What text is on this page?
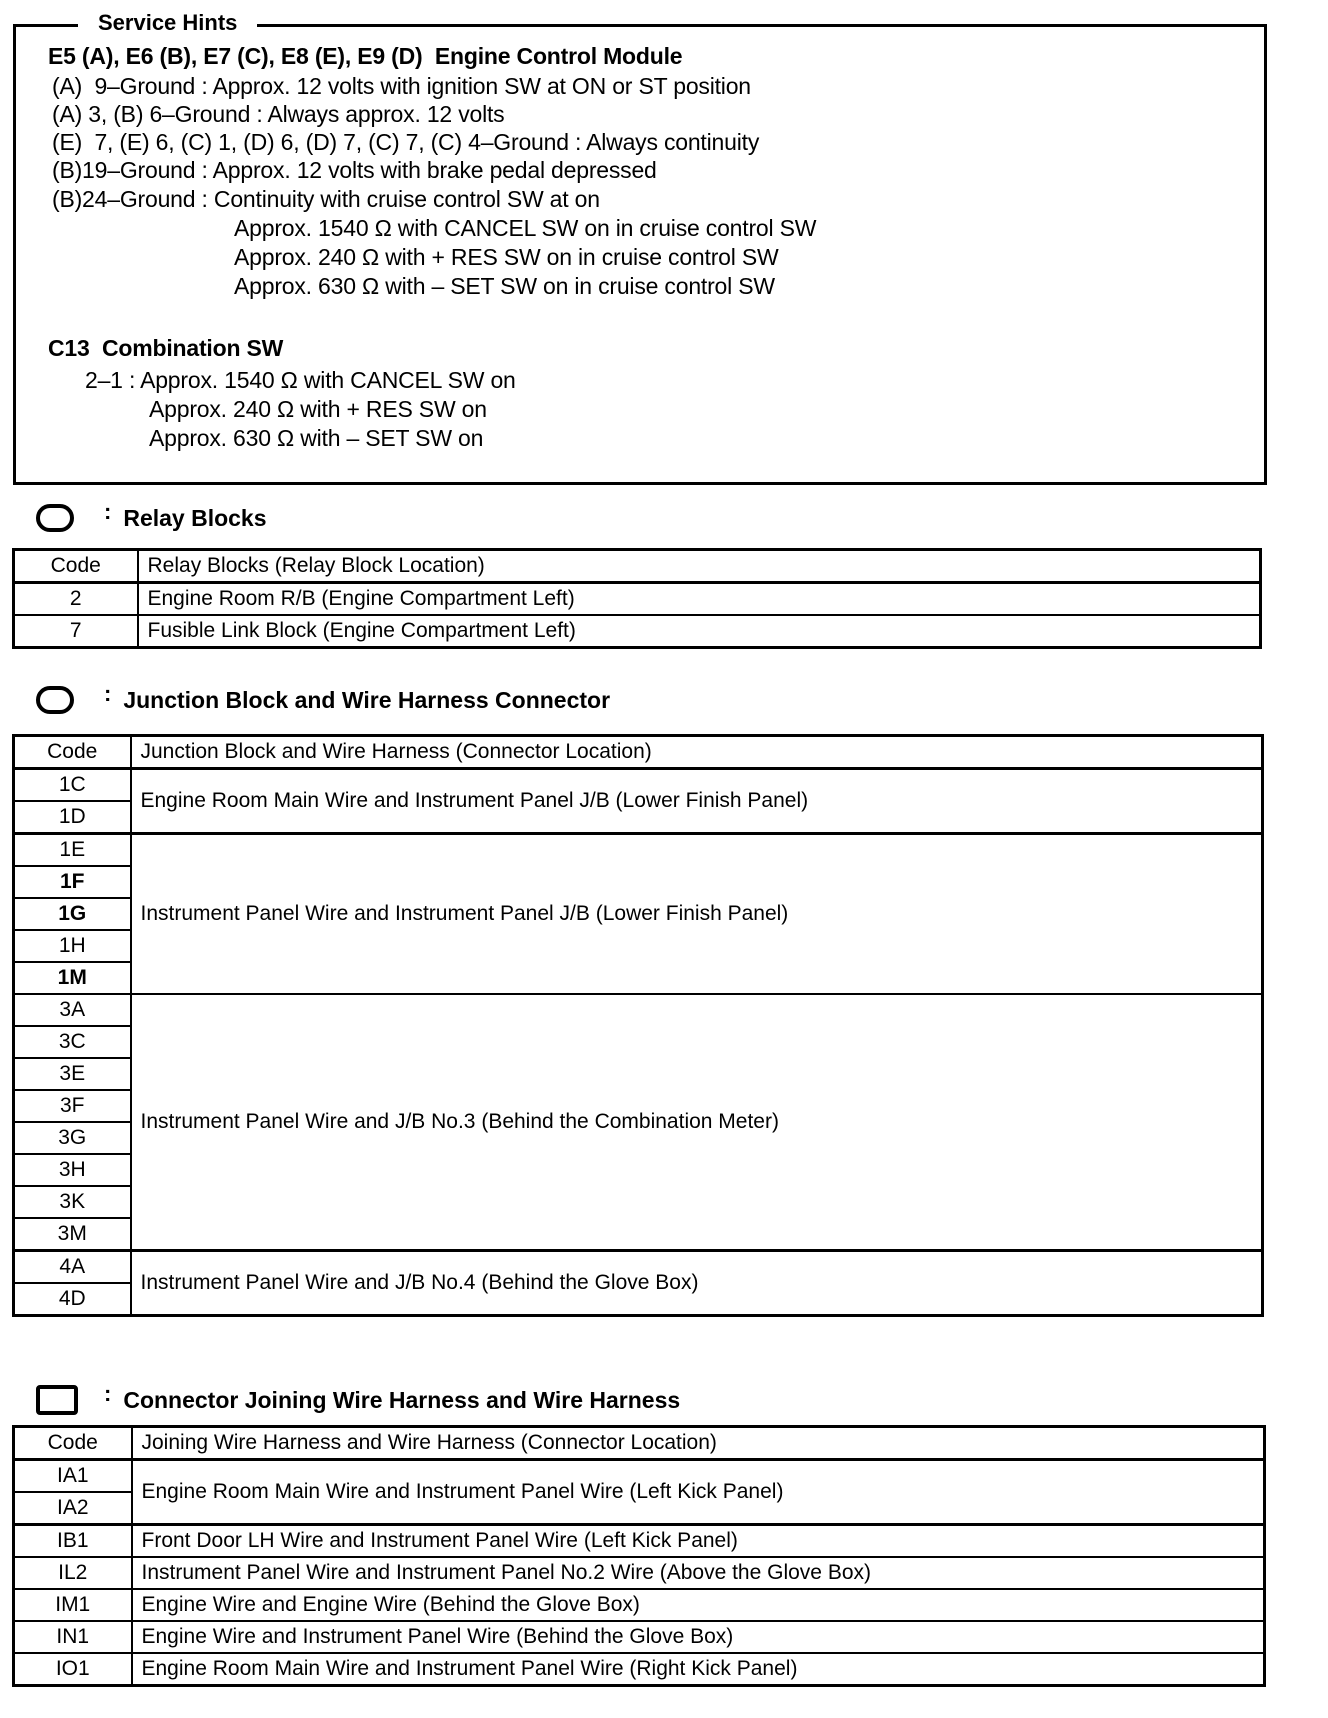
Service Hints
E5 (A), E6 (B), E7 (C), E8 (E), E9 (D)  Engine Control Module
(A)  9–Ground : Approx. 12 volts with ignition SW at ON or ST position
(A) 3, (B) 6–Ground : Always approx. 12 volts
(E)  7, (E) 6, (C) 1, (D) 6, (D) 7, (C) 7, (C) 4–Ground : Always continuity
(B)19–Ground : Approx. 12 volts with brake pedal depressed
(B)24–Ground : Continuity with cruise control SW at on
Approx. 1540 Ω with CANCEL SW on in cruise control SW
Approx. 240 Ω with + RES SW on in cruise control SW
Approx. 630 Ω with – SET SW on in cruise control SW
C13  Combination SW
2–1 : Approx. 1540 Ω with CANCEL SW on
Approx. 240 Ω with + RES SW on
Approx. 630 Ω with – SET SW on
: Relay Blocks
Code	Relay Blocks (Relay Block Location)
2	Engine Room R/B (Engine Compartment Left)
7	Fusible Link Block (Engine Compartment Left)
: Junction Block and Wire Harness Connector
Code	Junction Block and Wire Harness (Connector Location)
1C	Engine Room Main Wire and Instrument Panel J/B (Lower Finish Panel)
1D	
1E	Instrument Panel Wire and Instrument Panel J/B (Lower Finish Panel)
1F	
1G	
1H	
1M	
3A	Instrument Panel Wire and J/B No.3 (Behind the Combination Meter)
3C	
3E	
3F	
3G	
3H	
3K	
3M	
4A	Instrument Panel Wire and J/B No.4 (Behind the Glove Box)
4D	
: Connector Joining Wire Harness and Wire Harness
Code	Joining Wire Harness and Wire Harness (Connector Location)
IA1	Engine Room Main Wire and Instrument Panel Wire (Left Kick Panel)
IA2	
IB1	Front Door LH Wire and Instrument Panel Wire (Left Kick Panel)
IL2	Instrument Panel Wire and Instrument Panel No.2 Wire (Above the Glove Box)
IM1	Engine Wire and Engine Wire (Behind the Glove Box)
IN1	Engine Wire and Instrument Panel Wire (Behind the Glove Box)
IO1	Engine Room Main Wire and Instrument Panel Wire (Right Kick Panel)
